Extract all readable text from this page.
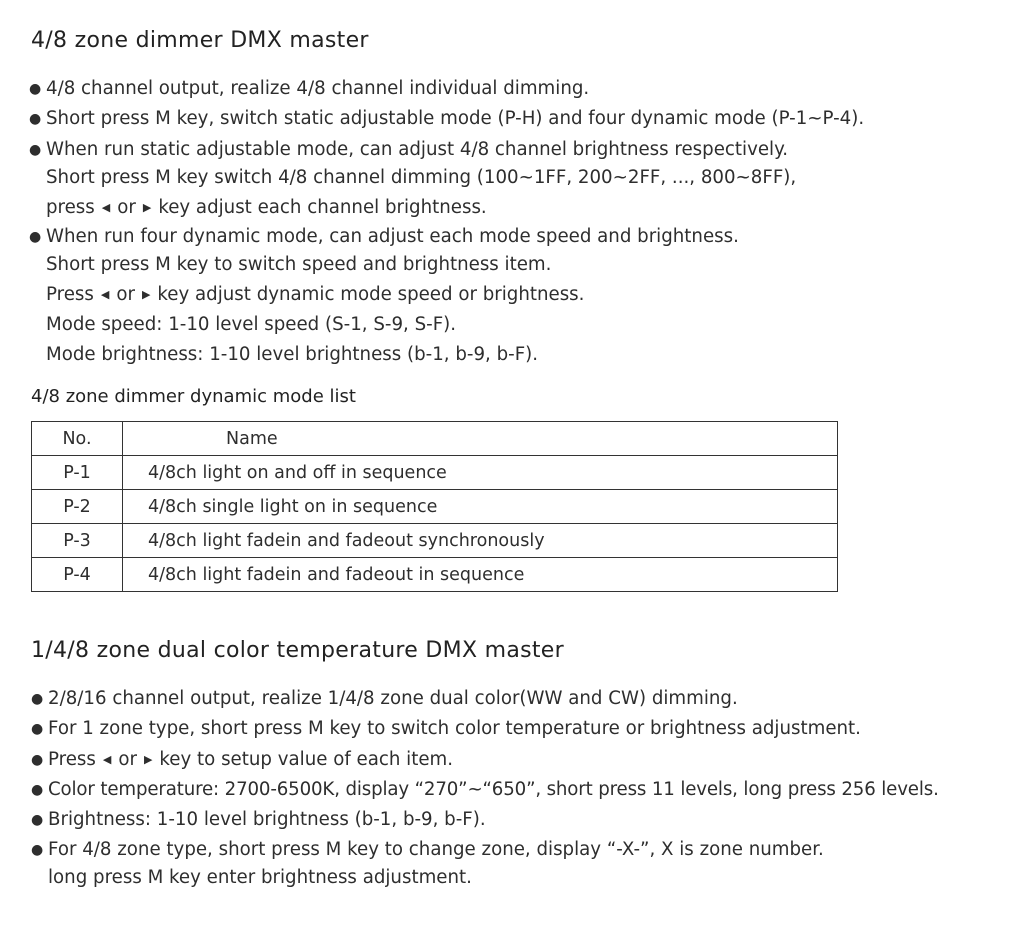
4/8 zone dimmer DMX master
● 4/8 channel output, realize 4/8 channel individual dimming.
● Short press M key, switch static adjustable mode (P-H) and four dynamic mode (P-1~P-4).
● When run static adjustable mode, can adjust 4/8 channel brightness respectively.
Short press M key switch 4/8 channel dimming (100~1FF, 200~2FF, ..., 800~8FF),
press ◀ or ▶ key adjust each channel brightness.
● When run four dynamic mode, can adjust each mode speed and brightness.
Short press M key to switch speed and brightness item.
Press ◀ or ▶ key adjust dynamic mode speed or brightness.
Mode speed: 1-10 level speed (S-1, S-9, S-F).
Mode brightness: 1-10 level brightness (b-1, b-9, b-F).
4/8 zone dimmer dynamic mode list
No.	Name
P-1	4/8ch light on and off in sequence
P-2	4/8ch single light on in sequence
P-3	4/8ch light fadein and fadeout synchronously
P-4	4/8ch light fadein and fadeout in sequence
1/4/8 zone dual color temperature DMX master
● 2/8/16 channel output, realize 1/4/8 zone dual color(WW and CW) dimming.
● For 1 zone type, short press M key to switch color temperature or brightness adjustment.
● Press ◀ or ▶ key to setup value of each item.
● Color temperature: 2700-6500K, display “270”~“650”, short press 11 levels, long press 256 levels.
● Brightness: 1-10 level brightness (b-1, b-9, b-F).
● For 4/8 zone type, short press M key to change zone, display “-X-”, X is zone number.
long press M key enter brightness adjustment.
